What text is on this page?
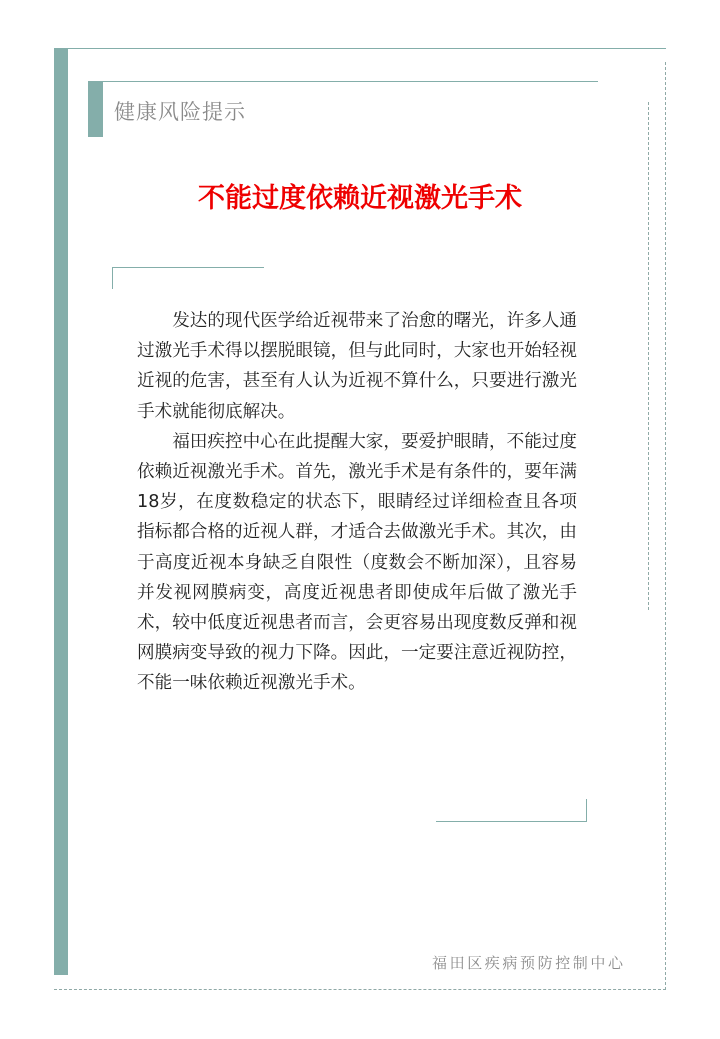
健康风险提示
不能过度依赖近视激光手术

发达的现代医学给近视带来了治愈的曙光，许多人通过激光手术得以摆脱眼镜，但与此同时，大家也开始轻视近视的危害，甚至有人认为近视不算什么，只要进行激光手术就能彻底解决。

福田疾控中心在此提醒大家，要爱护眼睛，不能过度依赖近视激光手术。首先，激光手术是有条件的，要年满18岁，在度数稳定的状态下，眼睛经过详细检查且各项指标都合格的近视人群，才适合去做激光手术。其次，由于高度近视本身缺乏自限性（度数会不断加深），且容易并发视网膜病变，高度近视患者即使成年后做了激光手术，较中低度近视患者而言，会更容易出现度数反弹和视网膜病变导致的视力下降。因此，一定要注意近视防控，不能一味依赖近视激光手术。

福田区疾病预防控制中心
